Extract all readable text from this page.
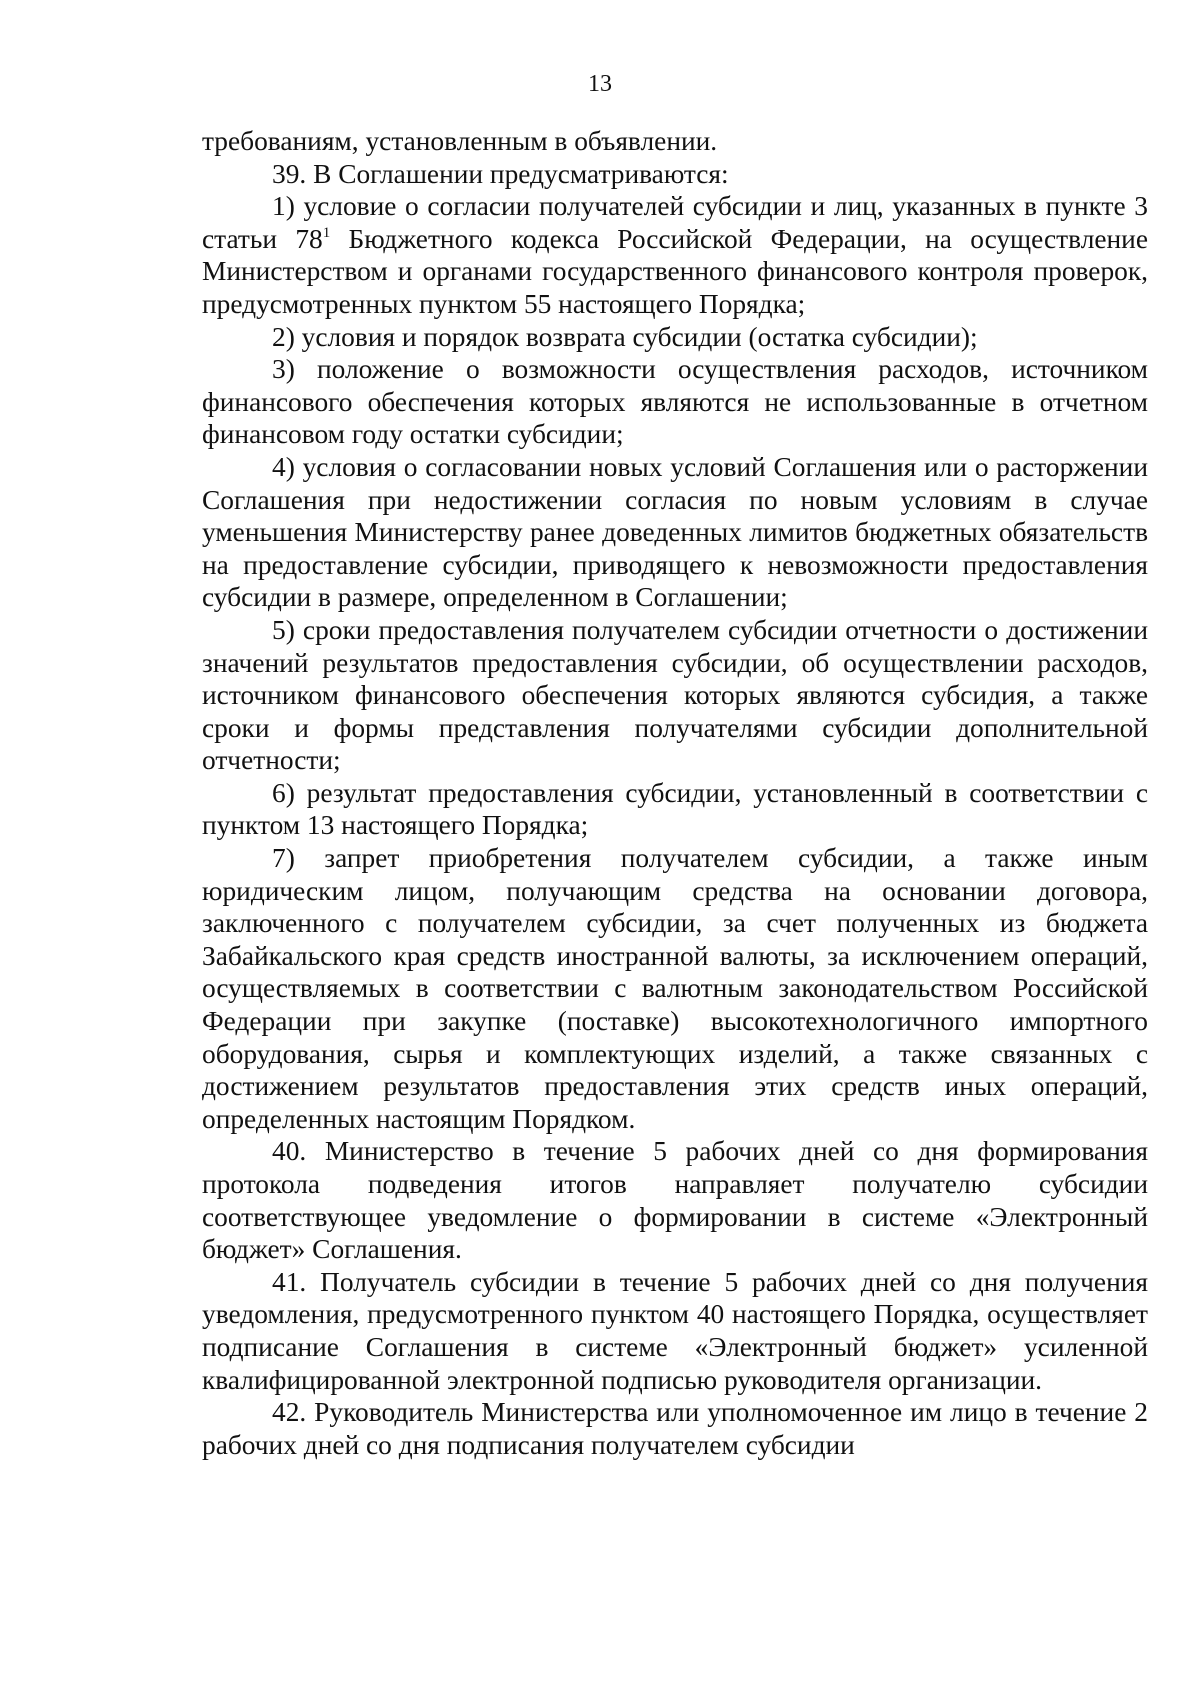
13

требованиям, установленным в объявлении.

39. В Соглашении предусматриваются:

1) условие о согласии получателей субсидии и лиц, указанных в пункте 3 статьи $78^1$ Бюджетного кодекса Российской Федерации, на осуществление Министерством и органами государственного финансового контроля проверок, предусмотренных пунктом 55 настоящего Порядка;

2) условия и порядок возврата субсидии (остатка субсидии);

3) положение о возможности осуществления расходов, источником финансового обеспечения которых являются не использованные в отчетном финансовом году остатки субсидии;

4) условия о согласовании новых условий Соглашения или о расторжении Соглашения при недостижении согласия по новым условиям в случае уменьшения Министерству ранее доведенных лимитов бюджетных обязательств на предоставление субсидии, приводящего к невозможности предоставления субсидии в размере, определенном в Соглашении;

5) сроки предоставления получателем субсидии отчетности о достижении значений результатов предоставления субсидии, об осуществлении расходов, источником финансового обеспечения которых являются субсидия, а также сроки и формы представления получателями субсидии дополнительной отчетности;

6) результат предоставления субсидии, установленный в соответствии с пунктом 13 настоящего Порядка;

7) запрет приобретения получателем субсидии, а также иным юридическим лицом, получающим средства на основании договора, заключенного с получателем субсидии, за счет полученных из бюджета Забайкальского края средств иностранной валюты, за исключением операций, осуществляемых в соответствии с валютным законодательством Российской Федерации при закупке (поставке) высокотехнологичного импортного оборудования, сырья и комплектующих изделий, а также связанных с достижением результатов предоставления этих средств иных операций, определенных настоящим Порядком.

40. Министерство в течение 5 рабочих дней со дня формирования протокола подведения итогов направляет получателю субсидии соответствующее уведомление о формировании в системе «Электронный бюджет» Соглашения.

41. Получатель субсидии в течение 5 рабочих дней со дня получения уведомления, предусмотренного пунктом 40 настоящего Порядка, осуществляет подписание Соглашения в системе «Электронный бюджет» усиленной квалифицированной электронной подписью руководителя организации.

42. Руководитель Министерства или уполномоченное им лицо в течение 2 рабочих дней со дня подписания получателем субсидии
